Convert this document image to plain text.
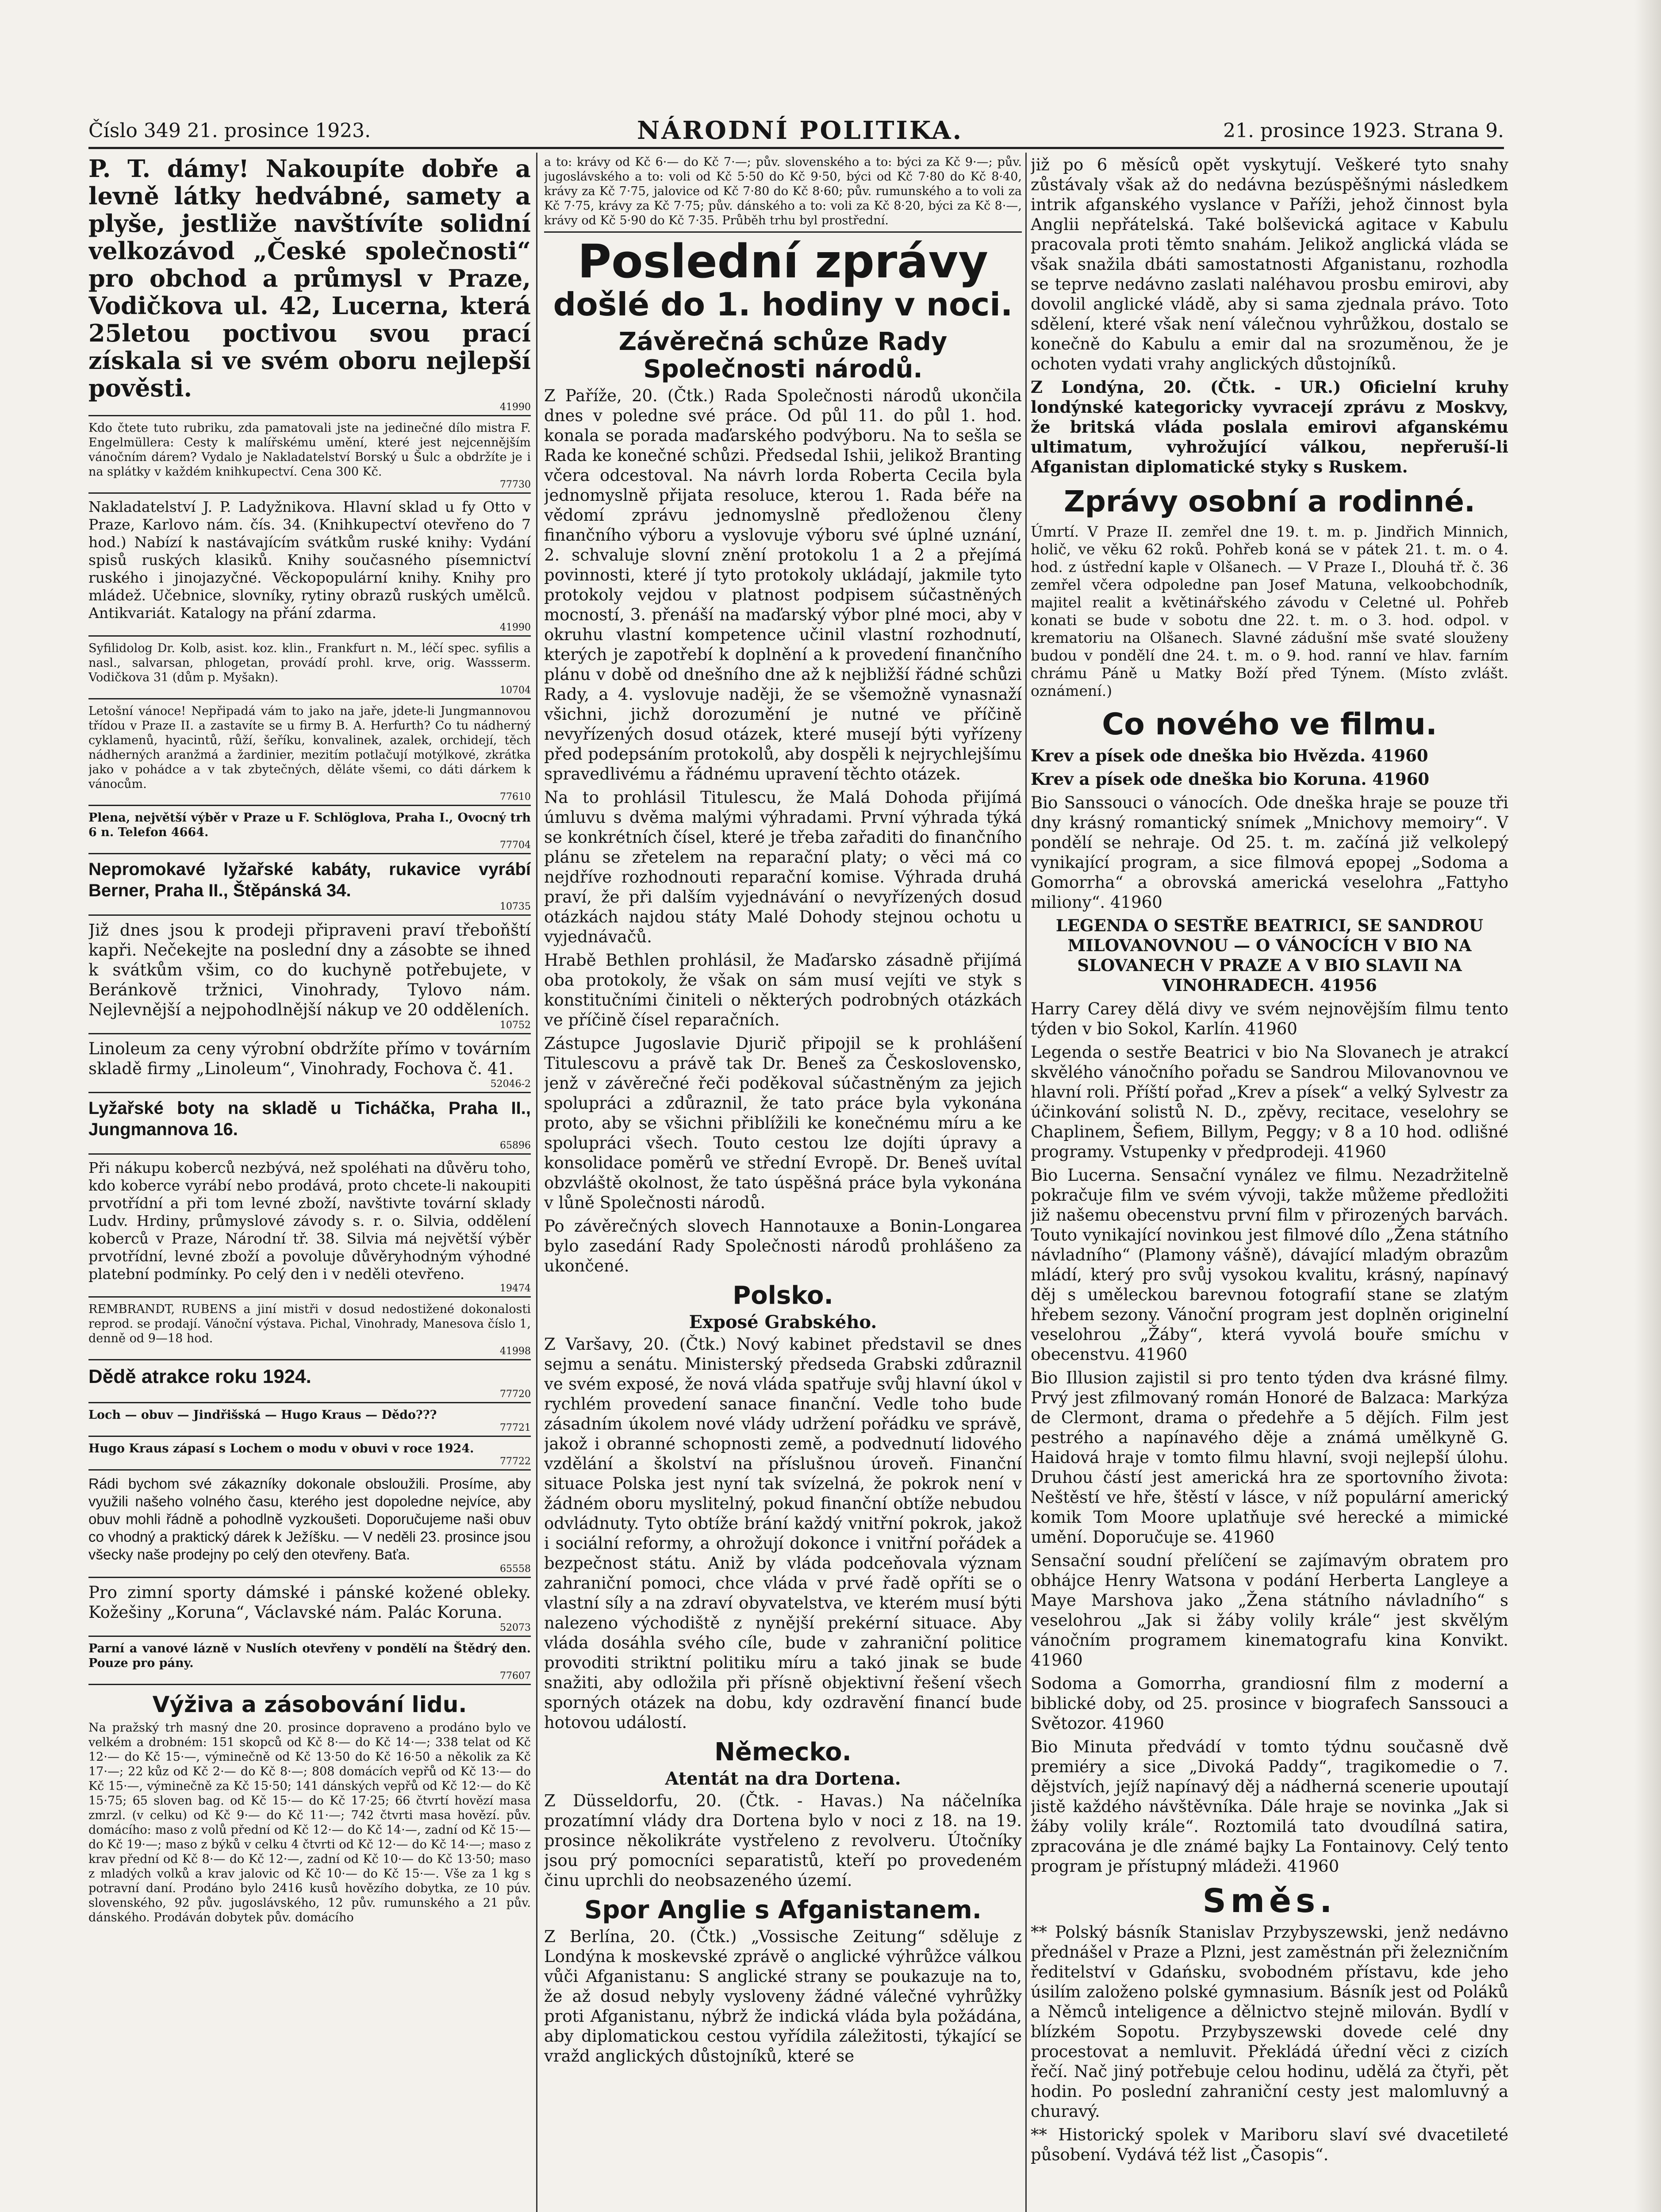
Číslo 349 21. prosince 1923.	NÁRODNÍ POLITIKA.	21. prosince 1923. Strana 9.

P. T. dámy! Nakoupíte dobře a levně látky hedvábné, samety a plyše, jestliže navštívíte solidní velkozávod „České společnosti“ pro obchod a průmysl v Praze, Vodičkova ul. 42, Lucerna, která 25letou poctivou svou prací získala si ve svém oboru nejlepší pověsti.

41990

Kdo čtete tuto rubriku, zda pamatovali jste na jedinečné dílo mistra F. Engelmüllera: Cesty k malířskému umění, které jest nejcennějším vánočním dárem? Vydalo je Nakladatelství Borský u Šulc a obdržíte je i na splátky v každém knihkupectví. Cena 300 Kč.

77730

Nakladatelství J. P. Ladyžnikova. Hlavní sklad u fy Otto v Praze, Karlovo nám. čís. 34. (Knihkupectví otevřeno do 7 hod.) Nabízí k nastávajícím svátkům ruské knihy: Vydání spisů ruských klasiků. Knihy současného písemnictví ruského i jinojazyčné. Věckopopulární knihy. Knihy pro mládež. Učebnice, slovníky, rytiny obrazů ruských umělců. Antikvariát. Katalogy na přání zdarma.

41990

Syfilidolog Dr. Kolb, asist. koz. klin., Frankfurt n. M., léčí spec. syfilis a nasl., salvarsan, phlogetan, provádí prohl. krve, orig. Wassserm. Vodičkova 31 (dům p. Myšakn).

10704

Letošní vánoce! Nepřipadá vám to jako na jaře, jdete-li Jungmannovou třídou v Praze II. a zastavíte se u firmy B. A. Herfurth? Co tu nádherný cyklamenů, hyacintů, růží, šeříku, konvalinek, azalek, orchidejí, těch nádherných aranžmá a žardinier, mezitím potlačují motýlkové, zkrátka jako v pohádce a v tak zbytečných, děláte všemi, co dáti dárkem k vánocům.

77610

Plena, největší výběr v Praze u F. Schlöglova, Praha I., Ovocný trh 6 n. Telefon 4664.

77704

Nepromokavé lyžařské kabáty, rukavice vyrábí Berner, Praha II., Štěpánská 34.

10735

Již dnes jsou k prodeji připraveni praví třeboňští kapři. Nečekejte na poslední dny a zásobte se ihned k svátkům všim, co do kuchyně potřebujete, v Beránkově tržnici, Vinohrady, Tylovo nám. Nejlevnější a nejpohodlnější nákup ve 20 odděleních.

10752

Linoleum za ceny výrobní obdržíte přímo v továrním skladě firmy „Linoleum“, Vinohrady, Fochova č. 41.

52046-2

Lyžařské boty na skladě u Ticháčka, Praha II., Jungmannova 16.

65896

Při nákupu koberců nezbývá, než spoléhati na důvěru toho, kdo koberce vyrábí nebo prodává, proto chcete-li nakoupiti prvotřídní a při tom levné zboží, navštivte tovární sklady Ludv. Hrdiny, průmyslové závody s. r. o. Silvia, oddělení koberců v Praze, Národní tř. 38. Silvia má největší výběr prvotřídní, levné zboží a povoluje důvěryhodným výhodné platební podmínky. Po celý den i v neděli otevřeno.

19474

REMBRANDT, RUBENS a jiní mistři v dosud nedostižené dokonalosti reprod. se prodají. Vánoční výstava. Pichal, Vinohrady, Manesova číslo 1, denně od 9—18 hod.

41998

Dědě atrakce roku 1924.

77720

Loch — obuv — Jindřišská — Hugo Kraus — Dědo???

77721

Hugo Kraus zápasí s Lochem o modu v obuvi v roce 1924.

77722

Rádi bychom své zákazníky dokonale obsloužili. Prosíme, aby využili našeho volného času, kterého jest dopoledne nejvíce, aby obuv mohli řádně a pohodlně vyzkoušeti. Doporučujeme naši obuv co vhodný a praktický dárek k Ježíšku. — V neděli 23. prosince jsou všecky naše prodejny po celý den otevřeny. Baťa.

65558

Pro zimní sporty dámské i pánské kožené obleky. Kožešiny „Koruna“, Václavské nám. Palác Koruna.

52073

Parní a vanové lázně v Nuslích otevřeny v pondělí na Štědrý den. Pouze pro pány.

77607
Výživa a zásobování lidu.

Na pražský trh masný dne 20. prosince dopraveno a prodáno bylo ve velkém a drobném: 151 skopců od Kč 8·— do Kč 14·—; 338 telat od Kč 12·— do Kč 15·—, výminečně od Kč 13·50 do Kč 16·50 a několik za Kč 17·—; 22 kůz od Kč 2·— do Kč 8·—; 808 domácích vepřů od Kč 13·— do Kč 15·—, výminečně za Kč 15·50; 141 dánských vepřů od Kč 12·— do Kč 15·75; 65 sloven bag. od Kč 15·— do Kč 17·25; 66 čtvrtí hovězí masa zmrzl. (v celku) od Kč 9·— do Kč 11·—; 742 čtvrti masa hovězí. pův. domácího: maso z volů přední od Kč 12·— do Kč 14·—, zadní od Kč 15·— do Kč 19·—; maso z býků v celku 4 čtvrti od Kč 12·— do Kč 14·—; maso z krav přední od Kč 8·— do Kč 12·—, zadní od Kč 10·— do Kč 13·50; maso z mladých volků a krav jalovic od Kč 10·— do Kč 15·—. Vše za 1 kg s potravní daní. Prodáno bylo 2416 kusů hovězího dobytka, ze 10 púv. slovenského, 92 pův. jugoslávského, 12 pův. rumunského a 21 pův. dánského. Prodáván dobytek pův. domácího

a to: krávy od Kč 6·— do Kč 7·—; pův. slovenského a to: býci za Kč 9·—; pův. jugoslávského a to: voli od Kč 5·50 do Kč 9·50, býci od Kč 7·80 do Kč 8·40, krávy za Kč 7·75, jalovice od Kč 7·80 do Kč 8·60; pův. rumunského a to voli za Kč 7·75, krávy za Kč 7·75; pův. dánského a to: voli za Kč 8·20, býci za Kč 8·—, krávy od Kč 5·90 do Kč 7·35. Průběh trhu byl prostřední.

Poslední zprávy
došlé do 1. hodiny v noci.
Závěrečná schůze Rady Společnosti národů.

Z Paříže, 20. (Čtk.) Rada Společnosti národů ukončila dnes v poledne své práce. Od půl 11. do půl 1. hod. konala se porada maďarského podvýboru. Na to sešla se Rada ke konečné schůzi. Předsedal Ishii, jelikož Branting včera odcestoval. Na návrh lorda Roberta Cecila byla jednomyslně přijata resoluce, kterou 1. Rada béře na vědomí zprávu jednomyslně předloženou členy finančního výboru a vyslovuje výboru své úplné uznání, 2. schvaluje slovní znění protokolu 1 a 2 a přejímá povinnosti, které jí tyto protokoly ukládají, jakmile tyto protokoly vejdou v platnost podpisem súčastněných mocností, 3. přenáší na maďarský výbor plné moci, aby v okruhu vlastní kompetence učinil vlastní rozhodnutí, kterých je zapotřebí k doplnění a k provedení finančního plánu v době od dnešního dne až k nejbližší řádné schůzi Rady, a 4. vyslovuje naději, že se všemožně vynasnaží všichni, jichž dorozumění je nutné ve příčině nevyřízených dosud otázek, které musejí býti vyřízeny před podepsáním protokolů, aby dospěli k nejrychlejšímu spravedlivému a řádnému upravení těchto otázek.

Na to prohlásil Titulescu, že Malá Dohoda přijímá úmluvu s dvěma malými výhradami. První výhrada týká se konkrétních čísel, které je třeba zařaditi do finančního plánu se zřetelem na reparační platy; o věci má co nejdříve rozhodnouti reparační komise. Výhrada druhá praví, že při dalším vyjednávání o nevyřízených dosud otázkách najdou státy Malé Dohody stejnou ochotu u vyjednávačů.

Hrabě Bethlen prohlásil, že Maďarsko zásadně přijímá oba protokoly, že však on sám musí vejíti ve styk s konstitučními činiteli o některých podrobných otázkách ve příčině čísel reparačních.

Zástupce Jugoslavie Djurič připojil se k prohlášení Titulescovu a právě tak Dr. Beneš za Československo, jenž v závěrečné řeči poděkoval súčastněným za jejich spolupráci a zdůraznil, že tato práce byla vykonána proto, aby se všichni přiblížili ke konečnému míru a ke spolupráci všech. Touto cestou lze dojíti úpravy a konsolidace poměrů ve střední Evropě. Dr. Beneš uvítal obzvláště okolnost, že tato úspěšná práce byla vykonána v lůně Společnosti národů.

Po závěrečných slovech Hannotauxe a Bonin-Longarea bylo zasedání Rady Společnosti národů prohlášeno za ukončené.

Polsko.
Exposé Grabského.

Z Varšavy, 20. (Čtk.) Nový kabinet představil se dnes sejmu a senátu. Ministerský předseda Grabski zdůraznil ve svém exposé, že nová vláda spatřuje svůj hlavní úkol v rychlém provedení sanace finanční. Vedle toho bude zásadním úkolem nové vlády udržení pořádku ve správě, jakož i obranné schopnosti země, a podvednutí lidového vzdělání a školství na příslušnou úroveň. Finanční situace Polska jest nyní tak svízelná, že pokrok není v žádném oboru myslitelný, pokud finanční obtíže nebudou odvládnuty. Tyto obtíže brání každý vnitřní pokrok, jakož i sociální reformy, a ohrožují dokonce i vnitřní pořádek a bezpečnost státu. Aniž by vláda podceňovala význam zahraniční pomoci, chce vláda v prvé řadě opříti se o vlastní síly a na zdraví obyvatelstva, ve kterém musí býti nalezeno východiště z nynější prekérní situace. Aby vláda dosáhla svého cíle, bude v zahraniční politice provoditi striktní politiku míru a takó jinak se bude snažiti, aby odložila při přísně objektivní řešení všech sporných otázek na dobu, kdy ozdravění financí bude hotovou událostí.

Německo.
Atentát na dra Dortena.

Z Düsseldorfu, 20. (Čtk. - Havas.) Na náčelníka prozatímní vlády dra Dortena bylo v noci z 18. na 19. prosince několikráte vystřeleno z revolveru. Útočníky jsou prý pomocníci separatistů, kteří po provedeném činu uprchli do neobsazeného území.

Spor Anglie s Afganistanem.

Z Berlína, 20. (Čtk.) „Vossische Zeitung“ sděluje z Londýna k moskevské zprávě o anglické výhrůžce válkou vůči Afganistanu: S anglické strany se poukazuje na to, že až dosud nebyly vysloveny žádné válečné vyhrůžky proti Afganistanu, nýbrž že indická vláda byla požádána, aby diplomatickou cestou vyřídila záležitosti, týkající se vražd anglických důstojníků, které se

již po 6 měsíců opět vyskytují. Veškeré tyto snahy zůstávaly však až do nedávna bezúspěšnými následkem intrik afganského vyslance v Paříži, jehož činnost byla Anglii nepřátelská. Také bolševická agitace v Kabulu pracovala proti těmto snahám. Jelikož anglická vláda se však snažila dbáti samostatnosti Afganistanu, rozhodla se teprve nedávno zaslati naléhavou prosbu emirovi, aby dovolil anglické vládě, aby si sama zjednala právo. Toto sdělení, které však není válečnou vyhrůžkou, dostalo se konečně do Kabulu a emir dal na srozuměnou, že je ochoten vydati vrahy anglických důstojníků.

Z Londýna, 20. (Čtk. - UR.) Oficielní kruhy londýnské kategoricky vyvracejí zprávu z Moskvy, že britská vláda poslala emirovi afganskému ultimatum, vyhrožující válkou, nepřeruší-li Afganistan diplomatické styky s Ruskem.

Zprávy osobní a rodinné.

Úmrtí. V Praze II. zemřel dne 19. t. m. p. Jindřich Minnich, holič, ve věku 62 roků. Pohřeb koná se v pátek 21. t. m. o 4. hod. z ústřední kaple v Olšanech. — V Praze I., Dlouhá tř. č. 36 zemřel včera odpoledne pan Josef Matuna, velkoobchodník, majitel realit a květinářského závodu v Celetné ul. Pohřeb konati se bude v sobotu dne 22. t. m. o 3. hod. odpol. v krematoriu na Olšanech. Slavné zádušní mše svaté slouženy budou v pondělí dne 24. t. m. o 9. hod. ranní ve hlav. farním chrámu Páně u Matky Boží před Týnem. (Místo zvlášt. oznámení.)

Co nového ve filmu.

Krev a písek ode dneška bio Hvězda. 41960

Krev a písek ode dneška bio Koruna. 41960

Bio Sanssouci o vánocích. Ode dneška hraje se pouze tři dny krásný romantický snímek „Mnichovy memoiry“. V pondělí se nehraje. Od 25. t. m. začíná již velkolepý vynikající program, a sice filmová epopej „Sodoma a Gomorrha“ a obrovská americká veselohra „Fattyho miliony“. 41960

LEGENDA O SESTŘE BEATRICI, SE SANDROU MILOVANOVNOU — O VÁNOCÍCH V BIO NA SLOVANECH V PRAZE A V BIO SLAVII NA VINOHRADECH. 41956

Harry Carey dělá divy ve svém nejnovějším filmu tento týden v bio Sokol, Karlín. 41960

Legenda o sestře Beatrici v bio Na Slovanech je atrakcí skvělého vánočního pořadu se Sandrou Milovanovnou ve hlavní roli. Příští pořad „Krev a písek“ a velký Sylvestr za účinkování solistů N. D., zpěvy, recitace, veselohry se Chaplinem, Šefiem, Billym, Peggy; v 8 a 10 hod. odlišné programy. Vstupenky v předprodeji. 41960

Bio Lucerna. Sensační vynález ve filmu. Nezadržitelně pokračuje film ve svém vývoji, takže můžeme předložiti již našemu obecenstvu první film v přirozených barvách. Touto vynikající novinkou jest filmové dílo „Žena státního návladního“ (Plamony vášně), dávající mladým obrazům mládí, který pro svůj vysokou kvalitu, krásný, napínavý děj s uměleckou barevnou fotografií stane se zlatým hřebem sezony. Vánoční program jest doplněn originelní veselohrou „Žáby“, která vyvolá bouře smíchu v obecenstvu. 41960

Bio Illusion zajistil si pro tento týden dva krásné filmy. Prvý jest zfilmovaný román Honoré de Balzaca: Markýza de Clermont, drama o předehře a 5 dějích. Film jest pestrého a napínavého děje a známá umělkyně G. Haidová hraje v tomto filmu hlavní, svoji nejlepší úlohu. Druhou částí jest americká hra ze sportovního života: Neštěstí ve hře, štěstí v lásce, v níž populární americký komik Tom Moore uplatňuje své herecké a mimické umění. Doporučuje se. 41960

Sensační soudní přelíčení se zajímavým obratem pro obhájce Henry Watsona v podání Herberta Langleye a Maye Marshova jako „Žena státního návladního“ s veselohrou „Jak si žáby volily krále“ jest skvělým vánočním programem kinematografu kina Konvikt. 41960

Sodoma a Gomorrha, grandiosní film z moderní a biblické doby, od 25. prosince v biografech Sanssouci a Světozor. 41960

Bio Minuta předvádí v tomto týdnu současně dvě premiéry a sice „Divoká Paddy“, tragikomedie o 7. dějstvích, jejíž napínavý děj a nádherná scenerie upoutají jistě každého návštěvníka. Dále hraje se novinka „Jak si žáby volily krále“. Roztomilá tato dvoudílná satira, zpracována je dle známé bajky La Fontainovy. Celý tento program je přístupný mládeži. 41960

Směs.

** Polský básník Stanislav Przybyszewski, jenž nedávno přednášel v Praze a Plzni, jest zaměstnán při železničním ředitelství v Gdańsku, svobodném přístavu, kde jeho úsilím založeno polské gymnasium. Básník jest od Poláků a Němců inteligence a dělnictvo stejně milován. Bydlí v blízkém Sopotu. Przybyszewski dovede celé dny procestovat a nemluvit. Překládá úřední věci z cizích řečí. Nač jiný potřebuje celou hodinu, udělá za čtyři, pět hodin. Po poslední zahraniční cesty jest malomluvný a churavý.

** Historický spolek v Mariboru slaví své dvacetileté působení. Vydává též list „Časopis“.
